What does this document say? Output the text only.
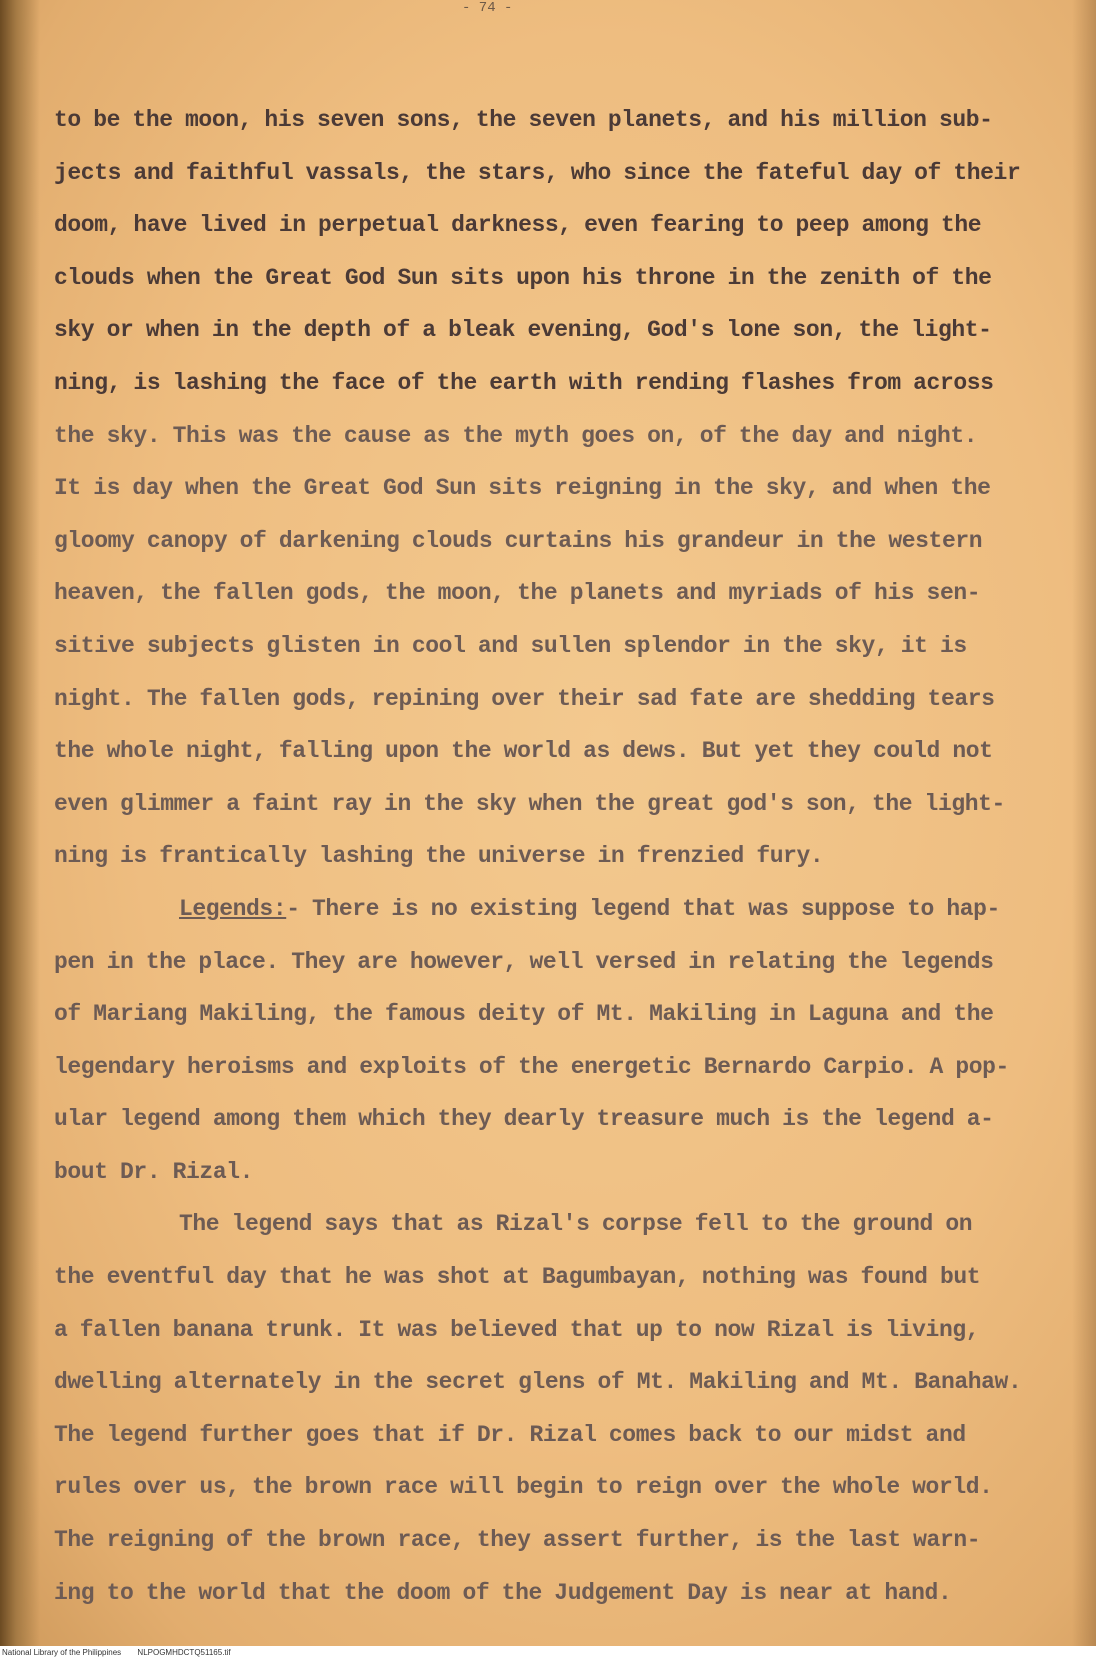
- 74 -
to be the moon, his seven sons, the seven planets, and his million sub-
jects and faithful vassals, the stars, who since the fateful day of their
doom, have lived in perpetual darkness, even fearing to peep among the
clouds when the Great God Sun sits upon his throne in the zenith of the
sky or when in the depth of a bleak evening, God's lone son, the light-
ning, is lashing the face of the earth with rending flashes from across
the sky. This was the cause as the myth goes on, of the day and night.
It is day when the Great God Sun sits reigning in the sky, and when the
gloomy canopy of darkening clouds curtains his grandeur in the western
heaven, the fallen gods, the moon, the planets and myriads of his sen-
sitive subjects glisten in cool and sullen splendor in the sky, it is
night. The fallen gods, repining over their sad fate are shedding tears
the whole night, falling upon the world as dews. But yet they could not
even glimmer a faint ray in the sky when the great god's son, the light-
ning is frantically lashing the universe in frenzied fury.
Legends:- There is no existing legend that was suppose to hap-
pen in the place. They are however, well versed in relating the legends
of Mariang Makiling, the famous deity of Mt. Makiling in Laguna and the
legendary heroisms and exploits of the energetic Bernardo Carpio. A pop-
ular legend among them which they dearly treasure much is the legend a-
bout Dr. Rizal.
The legend says that as Rizal's corpse fell to the ground on
the eventful day that he was shot at Bagumbayan, nothing was found but
a fallen banana trunk. It was believed that up to now Rizal is living,
dwelling alternately in the secret glens of Mt. Makiling and Mt. Banahaw.
The legend further goes that if Dr. Rizal comes back to our midst and
rules over us, the brown race will begin to reign over the whole world.
The reigning of the brown race, they assert further, is the last warn-
ing to the world that the doom of the Judgement Day is near at hand.
National Library of the Philippines NLPOGMHDCTQ51165.tif
